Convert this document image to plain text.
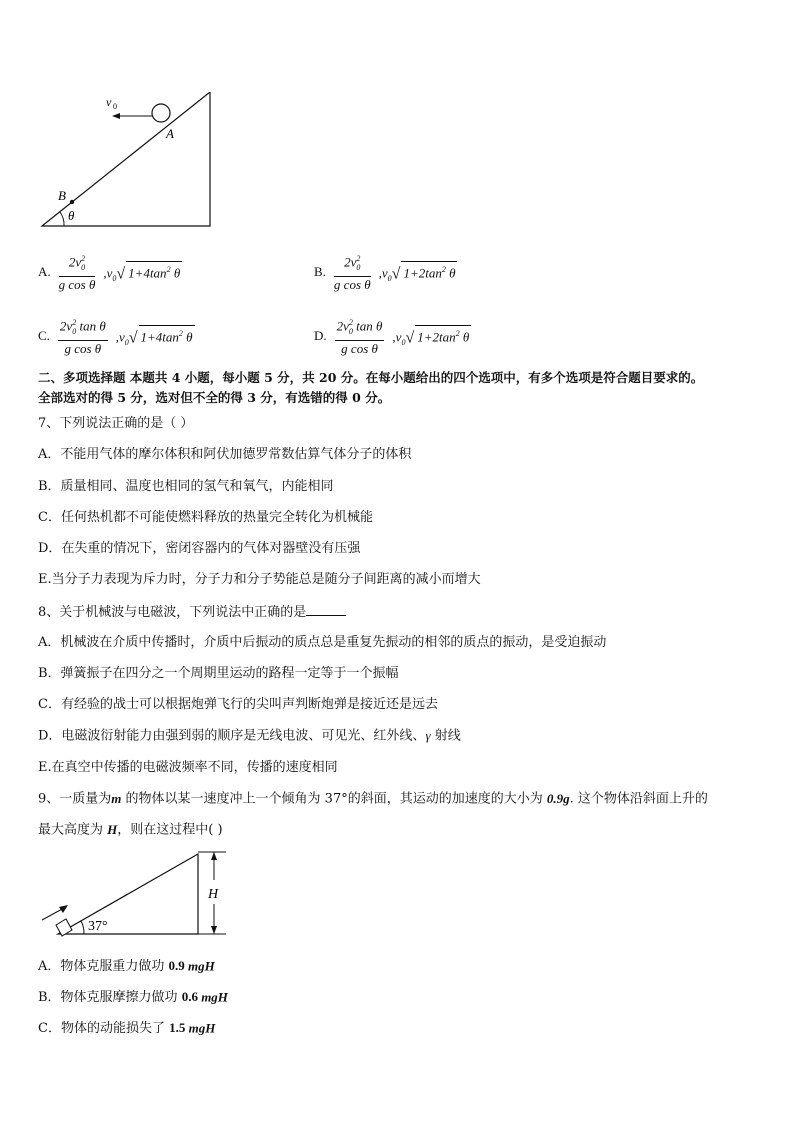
v 0
A
B
θ
A. $\frac{2v^2_0}{\text{g cos θ}} ,v_0√$ $1+4\tan^2$ θ	B. $\frac{2v^2_0}{\text{g cos θ}} ,v_0√$ $1+2\tan^2$ θ
C. $\frac{2v^2_0 \tan \theta}{\text{g cos θ}} ,v_0√$ $1+4\tan^2$ θ	D. $\frac{2v^2_0 \tan \theta}{\text{g cos θ}} ,v_0√$ $1+2\tan^2$ θ
二、多项选择题 本题共 4 小题，每小题 5 分，共 20 分。在每小题给出的四个选项中，有多个选项是符合题目要求的。
全部选对的得 5 分，选对但不全的得 3 分，有选错的得 0 分。
7、下列说法正确的是（ ）
A．不能用气体的摩尔体积和阿伏加德罗常数估算气体分子的体积
B．质量相同、温度也相同的氢气和氧气，内能相同
C．任何热机都不可能使燃料释放的热量完全转化为机械能
D．在失重的情况下，密闭容器内的气体对器壁没有压强
E.当分子力表现为斥力时，分子力和分子势能总是随分子间距离的减小而增大
8、关于机械波与电磁波，下列说法中正确的是
A．机械波在介质中传播时，介质中后振动的质点总是重复先振动的相邻的质点的振动，是受迫振动
B．弹簧振子在四分之一个周期里运动的路程一定等于一个振幅
C．有经验的战士可以根据炮弹飞行的尖叫声判断炮弹是接近还是远去
D．电磁波衍射能力由强到弱的顺序是无线电波、可见光、红外线、γ 射线
E.在真空中传播的电磁波频率不同，传播的速度相同
9、一质量为m 的物体以某一速度冲上一个倾角为 37°的斜面，其运动的加速度的大小为 0.9g. 这个物体沿斜面上升的
最大高度为 H，则在这过程中( )
37°
H
A．物体克服重力做功 0.9 mgH
B．物体克服摩擦力做功 0.6 mgH
C．物体的动能损失了 1.5 mgH
